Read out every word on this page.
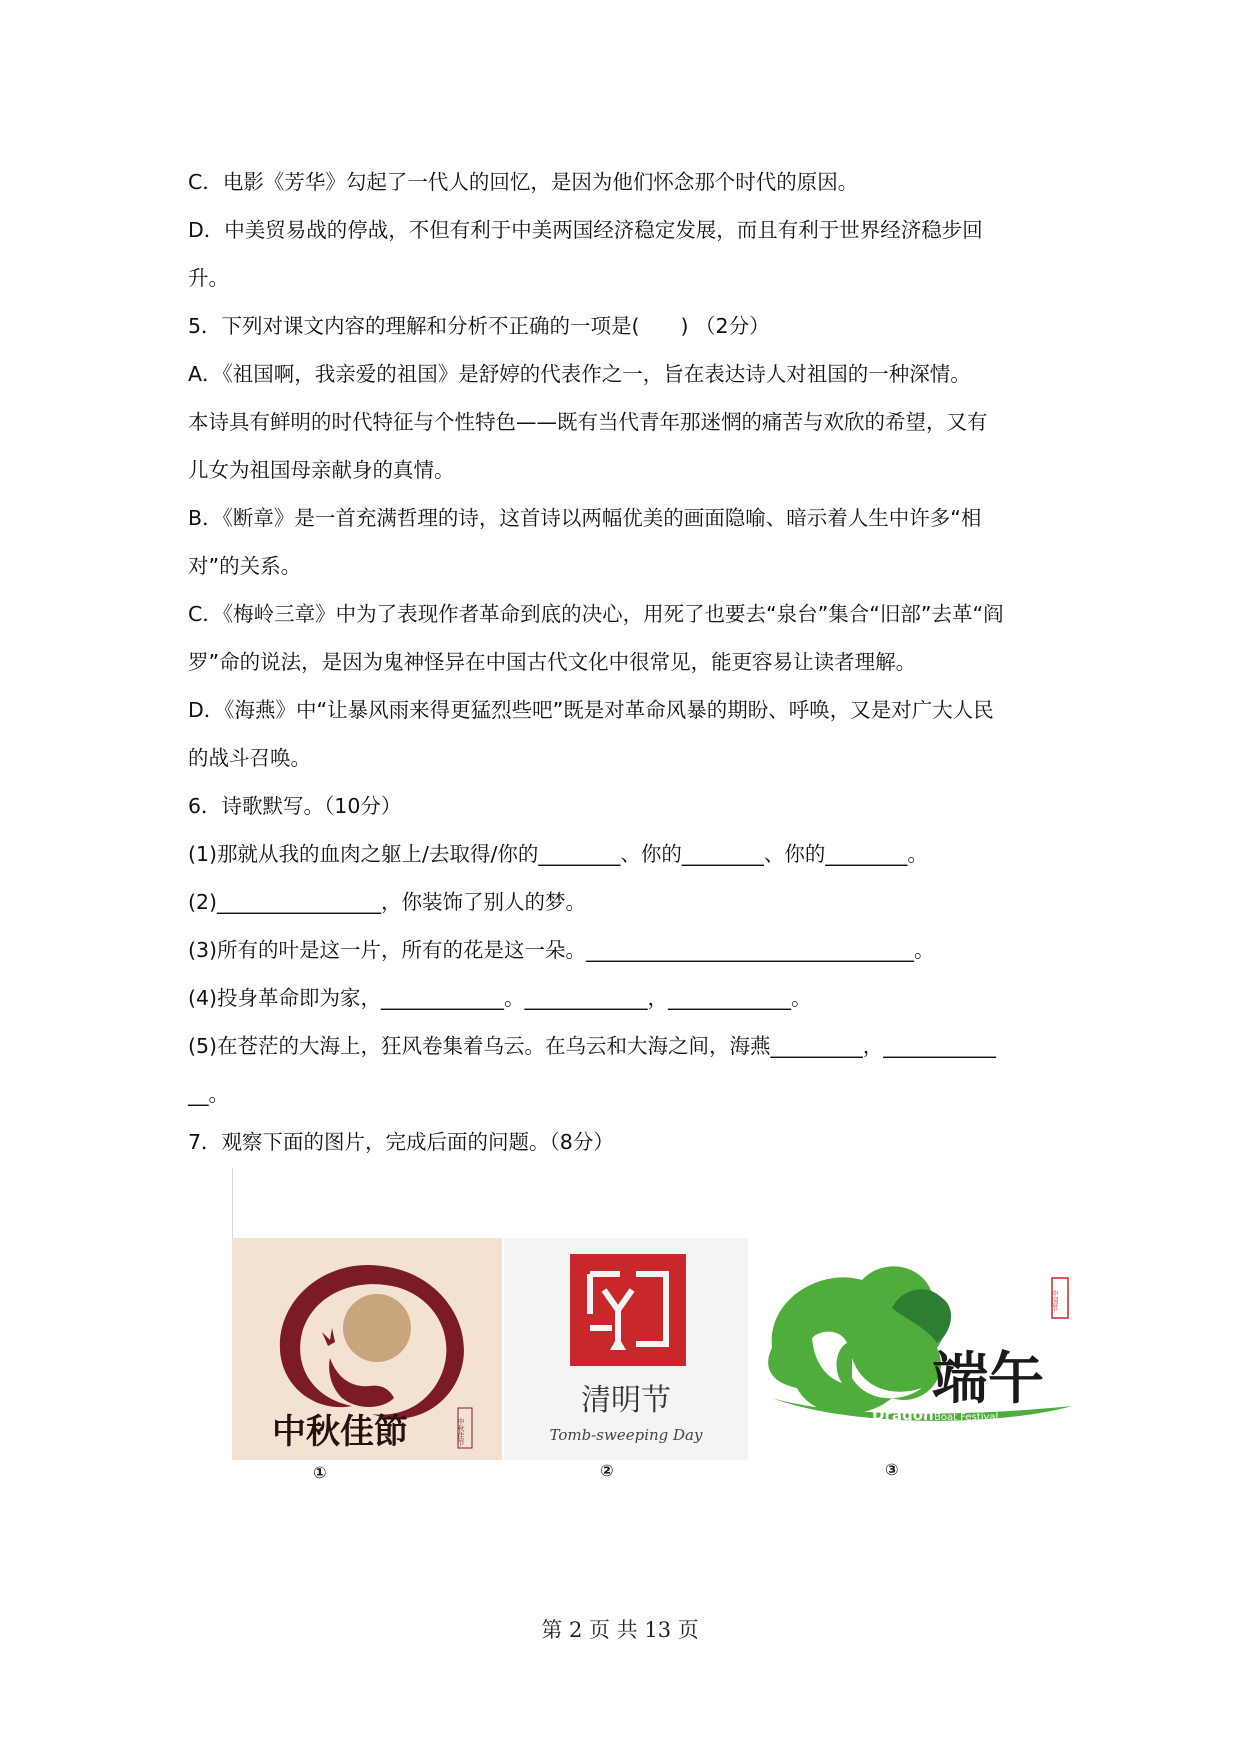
C．电影《芳华》勾起了一代人的回忆，是因为他们怀念那个时代的原因。
D．中美贸易战的停战，不但有利于中美两国经济稳定发展，而且有利于世界经济稳步回
升。
5．下列对课文内容的理解和分析不正确的一项是(　　) （2分）
A．《祖国啊，我亲爱的祖国》是舒婷的代表作之一，旨在表达诗人对祖国的一种深情。
本诗具有鲜明的时代特征与个性特色——既有当代青年那迷惘的痛苦与欢欣的希望，又有
儿女为祖国母亲献身的真情。
B．《断章》是一首充满哲理的诗，这首诗以两幅优美的画面隐喻、暗示着人生中许多“相
对”的关系。
C．《梅岭三章》中为了表现作者革命到底的决心，用死了也要去“泉台”集合“旧部”去革“阎
罗”命的说法，是因为鬼神怪异在中国古代文化中很常见，能更容易让读者理解。
D．《海燕》中“让暴风雨来得更猛烈些吧”既是对革命风暴的期盼、呼唤，又是对广大人民
的战斗召唤。
6．诗歌默写。（10分）
(1)那就从我的血肉之躯上/去取得/你的________、你的________、你的________。
(2)________________，你装饰了别人的梦。
(3)所有的叶是这一片，所有的花是这一朵。________________________________。
(4)投身革命即为家，____________。____________，____________。
(5)在苍茫的大海上，狂风卷集着乌云。在乌云和大海之间，海燕_________，___________
__。
7．观察下面的图片，完成后面的问题。（8分）
中秋佳節	中秋佳节
清明节
Tomb-sweeping Day
端午
中国节
Dragon Boat Festival
①	②	③
第 2 页 共 13 页
